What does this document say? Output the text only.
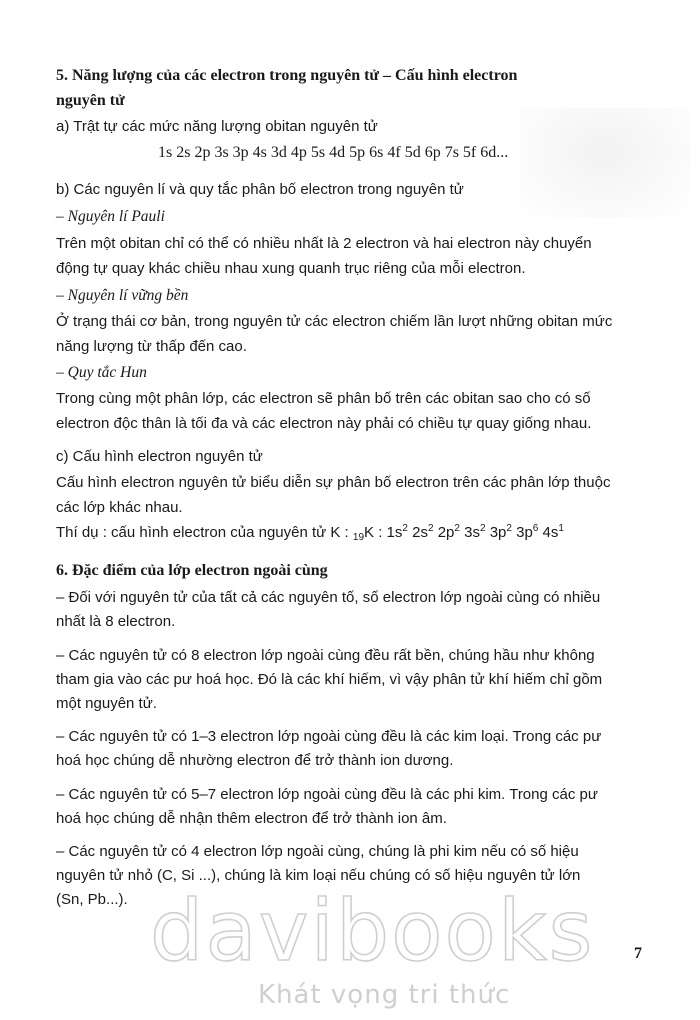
5. Năng lượng của các electron trong nguyên tử – Cấu hình electron
nguyên tử
a) Trật tự các mức năng lượng obitan nguyên tử
1s 2s 2p 3s 3p 4s 3d 4p 5s 4d 5p 6s 4f 5d 6p 7s 5f 6d...
b) Các nguyên lí và quy tắc phân bố electron trong nguyên tử
– Nguyên lí Pauli
Trên một obitan chỉ có thể có nhiều nhất là 2 electron và hai electron này chuyển
động tự quay khác chiều nhau xung quanh trục riêng của mỗi electron.
– Nguyên lí vững bền
Ở trạng thái cơ bản, trong nguyên tử các electron chiếm lần lượt những obitan mức
năng lượng từ thấp đến cao.
– Quy tắc Hun
Trong cùng một phân lớp, các electron sẽ phân bố trên các obitan sao cho có số
electron độc thân là tối đa và các electron này phải có chiều tự quay giống nhau.
c) Cấu hình electron nguyên tử
Cấu hình electron nguyên tử biểu diễn sự phân bố electron trên các phân lớp thuộc
các lớp khác nhau.
Thí dụ : cấu hình electron của nguyên tử K : $_{19}$K : $1s^2$ $2s^2$ $2p^2$ $3s^2$ $3p^2$ $3p^6$ $4s^1$
6. Đặc điểm của lớp electron ngoài cùng
– Đối với nguyên tử của tất cả các nguyên tố, số electron lớp ngoài cùng có nhiều
nhất là 8 electron.
– Các nguyên tử có 8 electron lớp ngoài cùng đều rất bền, chúng hầu như không
tham gia vào các pư hoá học. Đó là các khí hiếm, vì vậy phân tử khí hiếm chỉ gồm
một nguyên tử.
– Các nguyên tử có 1–3 electron lớp ngoài cùng đều là các kim loại. Trong các pư
hoá học chúng dễ nhường electron để trở thành ion dương.
– Các nguyên tử có 5–7 electron lớp ngoài cùng đều là các phi kim. Trong các pư
hoá học chúng dễ nhận thêm electron để trở thành ion âm.
– Các nguyên tử có 4 electron lớp ngoài cùng, chúng là phi kim nếu có số hiệu
nguyên tử nhỏ (C, Si ...), chúng là kim loại nếu chúng có số hiệu nguyên tử lớn
(Sn, Pb...). davibooks
Khát vọng tri thức
7
